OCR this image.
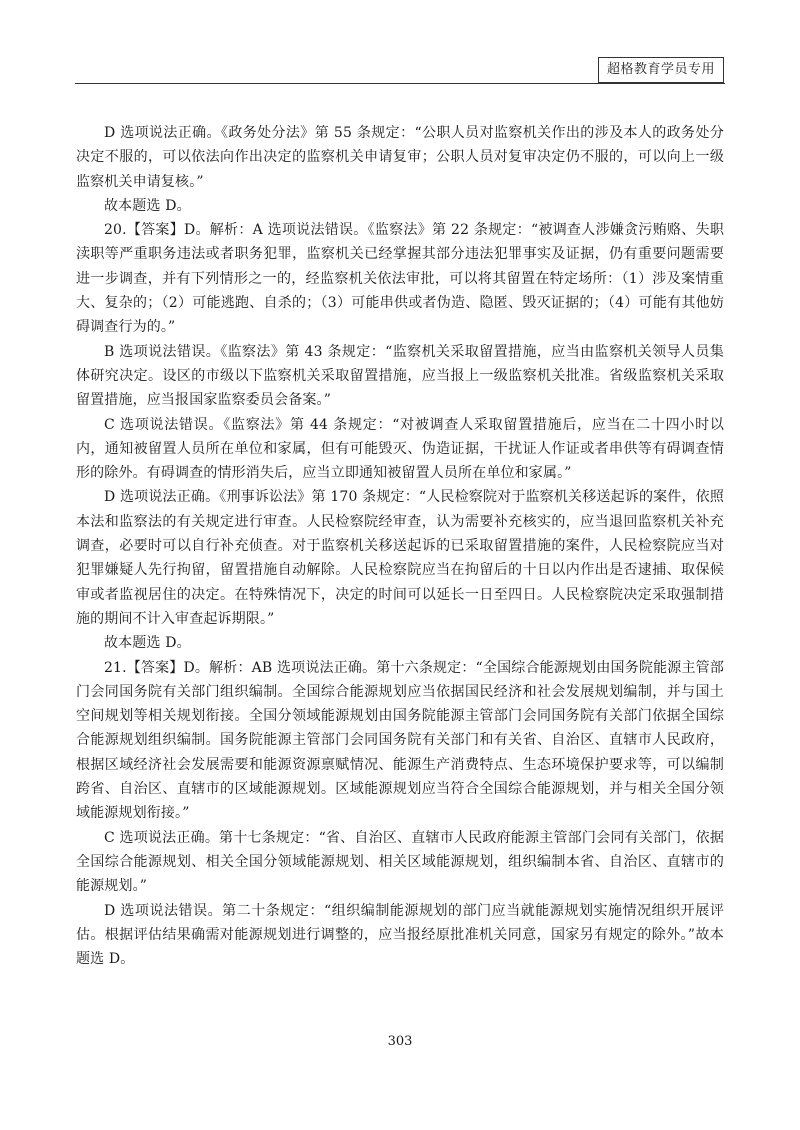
超格教育学员专用

D 选项说法正确。《政务处分法》第 55 条规定：“公职人员对监察机关作出的涉及本人的政务处分决定不服的，可以依法向作出决定的监察机关申请复审；公职人员对复审决定仍不服的，可以向上一级监察机关申请复核。”

故本题选 D。

20.【答案】D。解析：A 选项说法错误。《监察法》第 22 条规定：“被调查人涉嫌贪污贿赂、失职渎职等严重职务违法或者职务犯罪，监察机关已经掌握其部分违法犯罪事实及证据，仍有重要问题需要进一步调查，并有下列情形之一的，经监察机关依法审批，可以将其留置在特定场所：（1）涉及案情重大、复杂的；（2）可能逃跑、自杀的；（3）可能串供或者伪造、隐匿、毁灭证据的；（4）可能有其他妨碍调查行为的。”

B 选项说法错误。《监察法》第 43 条规定：“监察机关采取留置措施，应当由监察机关领导人员集体研究决定。设区的市级以下监察机关采取留置措施，应当报上一级监察机关批准。省级监察机关采取留置措施，应当报国家监察委员会备案。”

C 选项说法错误。《监察法》第 44 条规定：“对被调查人采取留置措施后，应当在二十四小时以内，通知被留置人员所在单位和家属，但有可能毁灭、伪造证据，干扰证人作证或者串供等有碍调查情形的除外。有碍调查的情形消失后，应当立即通知被留置人员所在单位和家属。”

D 选项说法正确。《刑事诉讼法》第 170 条规定：“人民检察院对于监察机关移送起诉的案件，依照本法和监察法的有关规定进行审查。人民检察院经审查，认为需要补充核实的，应当退回监察机关补充调查，必要时可以自行补充侦查。对于监察机关移送起诉的已采取留置措施的案件，人民检察院应当对犯罪嫌疑人先行拘留，留置措施自动解除。人民检察院应当在拘留后的十日以内作出是否逮捕、取保候审或者监视居住的决定。在特殊情况下，决定的时间可以延长一日至四日。人民检察院决定采取强制措施的期间不计入审查起诉期限。”

故本题选 D。

21.【答案】D。解析：AB 选项说法正确。第十六条规定：“全国综合能源规划由国务院能源主管部门会同国务院有关部门组织编制。全国综合能源规划应当依据国民经济和社会发展规划编制，并与国土空间规划等相关规划衔接。全国分领域能源规划由国务院能源主管部门会同国务院有关部门依据全国综合能源规划组织编制。国务院能源主管部门会同国务院有关部门和有关省、自治区、直辖市人民政府，根据区域经济社会发展需要和能源资源禀赋情况、能源生产消费特点、生态环境保护要求等，可以编制跨省、自治区、直辖市的区域能源规划。区域能源规划应当符合全国综合能源规划，并与相关全国分领域能源规划衔接。”

C 选项说法正确。第十七条规定：“省、自治区、直辖市人民政府能源主管部门会同有关部门，依据全国综合能源规划、相关全国分领域能源规划、相关区域能源规划，组织编制本省、自治区、直辖市的能源规划。”

D 选项说法错误。第二十条规定：“组织编制能源规划的部门应当就能源规划实施情况组织开展评估。根据评估结果确需对能源规划进行调整的，应当报经原批准机关同意，国家另有规定的除外。”故本题选 D。

303
